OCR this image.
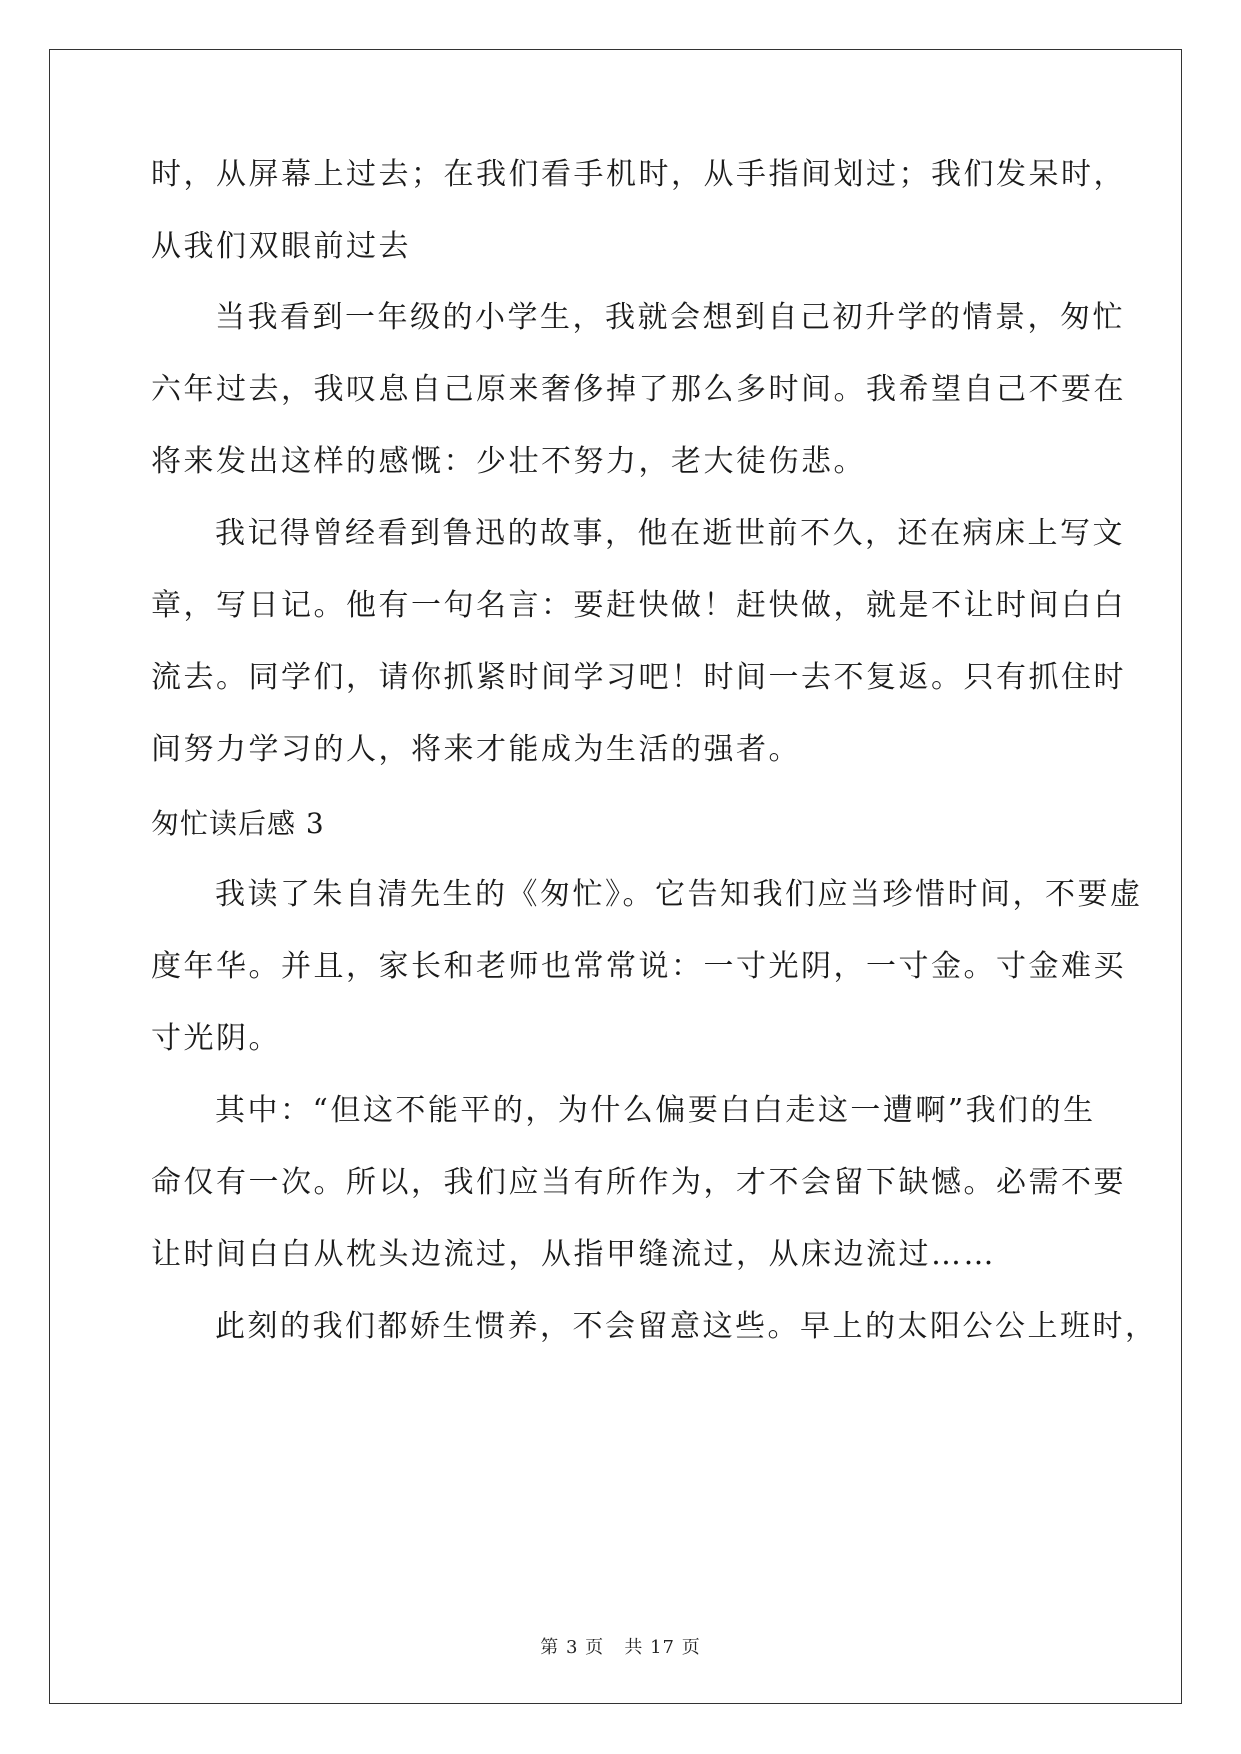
时，从屏幕上过去；在我们看手机时，从手指间划过；我们发呆时，

从我们双眼前过去

当我看到一年级的小学生，我就会想到自己初升学的情景，匆忙

六年过去，我叹息自己原来奢侈掉了那么多时间。我希望自己不要在

将来发出这样的感慨：少壮不努力，老大徒伤悲。

我记得曾经看到鲁迅的故事，他在逝世前不久，还在病床上写文

章，写日记。他有一句名言：要赶快做！赶快做，就是不让时间白白

流去。同学们，请你抓紧时间学习吧！时间一去不复返。只有抓住时

间努力学习的人，将来才能成为生活的强者。

匆忙读后感 3

我读了朱自清先生的《匆忙》。它告知我们应当珍惜时间，不要虚

度年华。并且，家长和老师也常常说：一寸光阴，一寸金。寸金难买

寸光阴。

其中：“但这不能平的，为什么偏要白白走这一遭啊”我们的生

命仅有一次。所以，我们应当有所作为，才不会留下缺憾。必需不要

让时间白白从枕头边流过，从指甲缝流过，从床边流过……

此刻的我们都娇生惯养，不会留意这些。早上的太阳公公上班时，

第 3 页 共 17 页
